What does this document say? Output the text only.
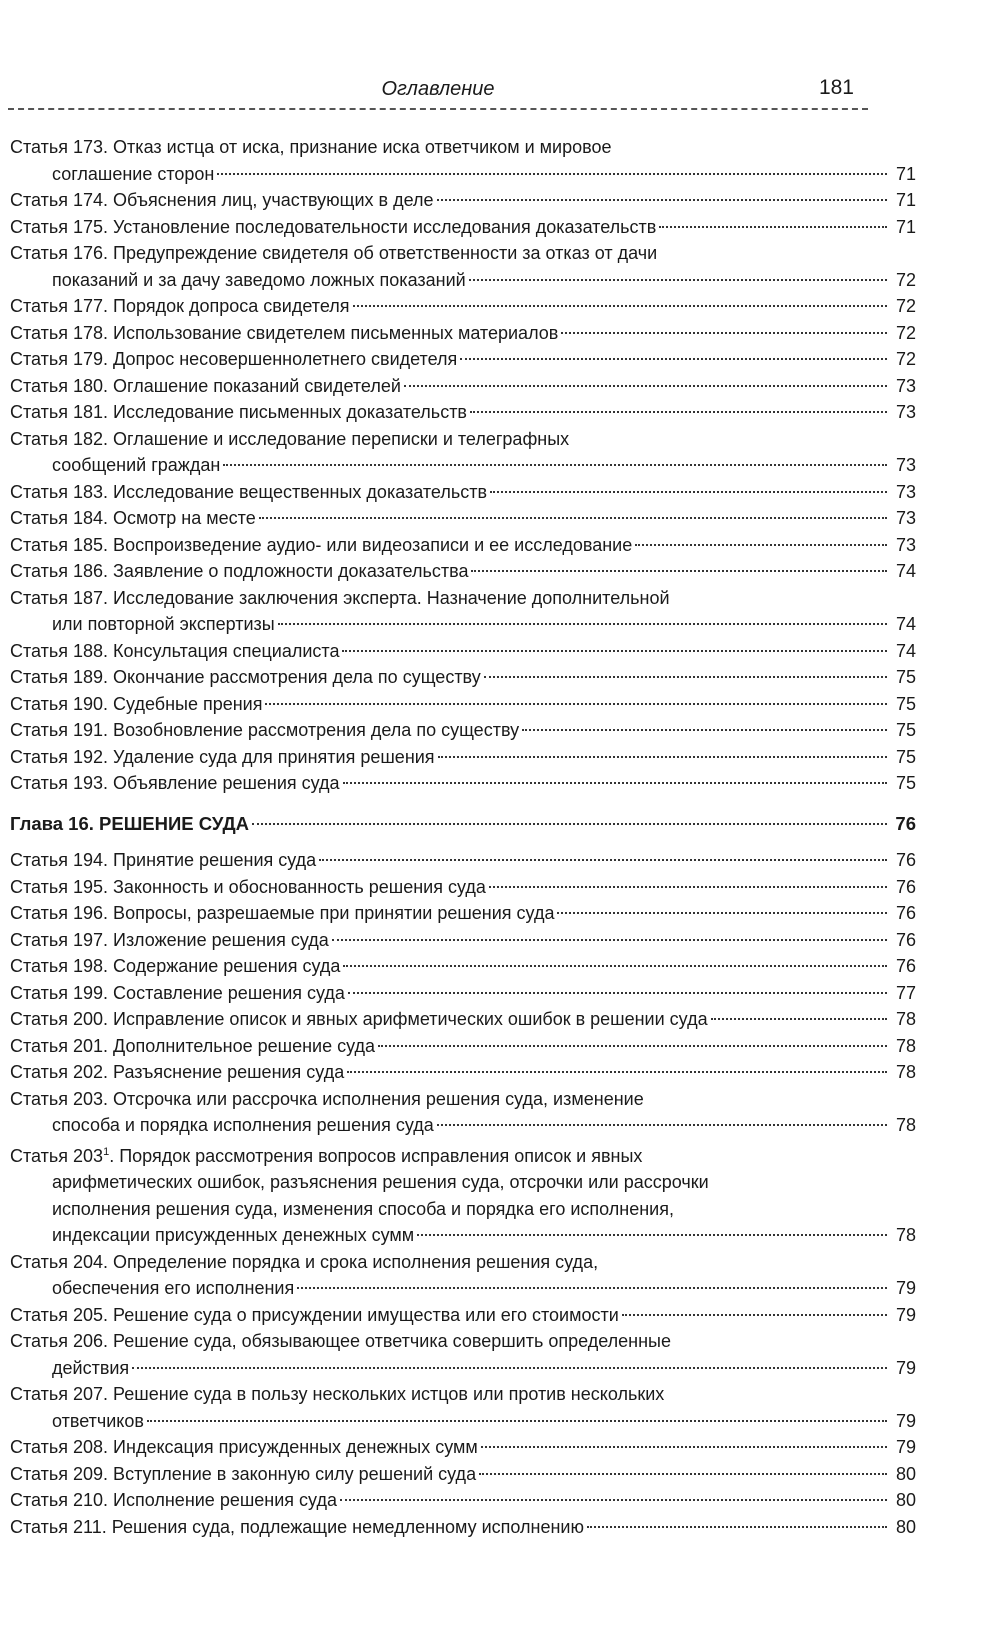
Оглавление	181
Статья 173. Отказ истца от иска, признание иска ответчиком и мировое
соглашение сторон	71
Статья 174. Объяснения лиц, участвующих в деле	71
Статья 175. Установление последовательности исследования доказательств	71
Статья 176. Предупреждение свидетеля об ответственности за отказ от дачи
показаний и за дачу заведомо ложных показаний	72
Статья 177. Порядок допроса свидетеля	72
Статья 178. Использование свидетелем письменных материалов	72
Статья 179. Допрос несовершеннолетнего свидетеля	72
Статья 180. Оглашение показаний свидетелей	73
Статья 181. Исследование письменных доказательств	73
Статья 182. Оглашение и исследование переписки и телеграфных
сообщений граждан	73
Статья 183. Исследование вещественных доказательств	73
Статья 184. Осмотр на месте	73
Статья 185. Воспроизведение аудио- или видеозаписи и ее исследование	73
Статья 186. Заявление о подложности доказательства	74
Статья 187. Исследование заключения эксперта. Назначение дополнительной
или повторной экспертизы	74
Статья 188. Консультация специалиста	74
Статья 189. Окончание рассмотрения дела по существу	75
Статья 190. Судебные прения	75
Статья 191. Возобновление рассмотрения дела по существу	75
Статья 192. Удаление суда для принятия решения	75
Статья 193. Объявление решения суда	75
Глава 16. РЕШЕНИЕ СУДА	76
Статья 194. Принятие решения суда	76
Статья 195. Законность и обоснованность решения суда	76
Статья 196. Вопросы, разрешаемые при принятии решения суда	76
Статья 197. Изложение решения суда	76
Статья 198. Содержание решения суда	76
Статья 199. Составление решения суда	77
Статья 200. Исправление описок и явных арифметических ошибок в решении суда	78
Статья 201. Дополнительное решение суда	78
Статья 202. Разъяснение решения суда	78
Статья 203. Отсрочка или рассрочка исполнения решения суда, изменение
способа и порядка исполнения решения суда	78
Статья $203^1$. Порядок рассмотрения вопросов исправления описок и явных
арифметических ошибок, разъяснения решения суда, отсрочки или рассрочки
исполнения решения суда, изменения способа и порядка его исполнения,
индексации присужденных денежных сумм	78
Статья 204. Определение порядка и срока исполнения решения суда,
обеспечения его исполнения	79
Статья 205. Решение суда о присуждении имущества или его стоимости	79
Статья 206. Решение суда, обязывающее ответчика совершить определенные
действия	79
Статья 207. Решение суда в пользу нескольких истцов или против нескольких
ответчиков	79
Статья 208. Индексация присужденных денежных сумм	79
Статья 209. Вступление в законную силу решений суда	80
Статья 210. Исполнение решения суда	80
Статья 211. Решения суда, подлежащие немедленному исполнению	80
